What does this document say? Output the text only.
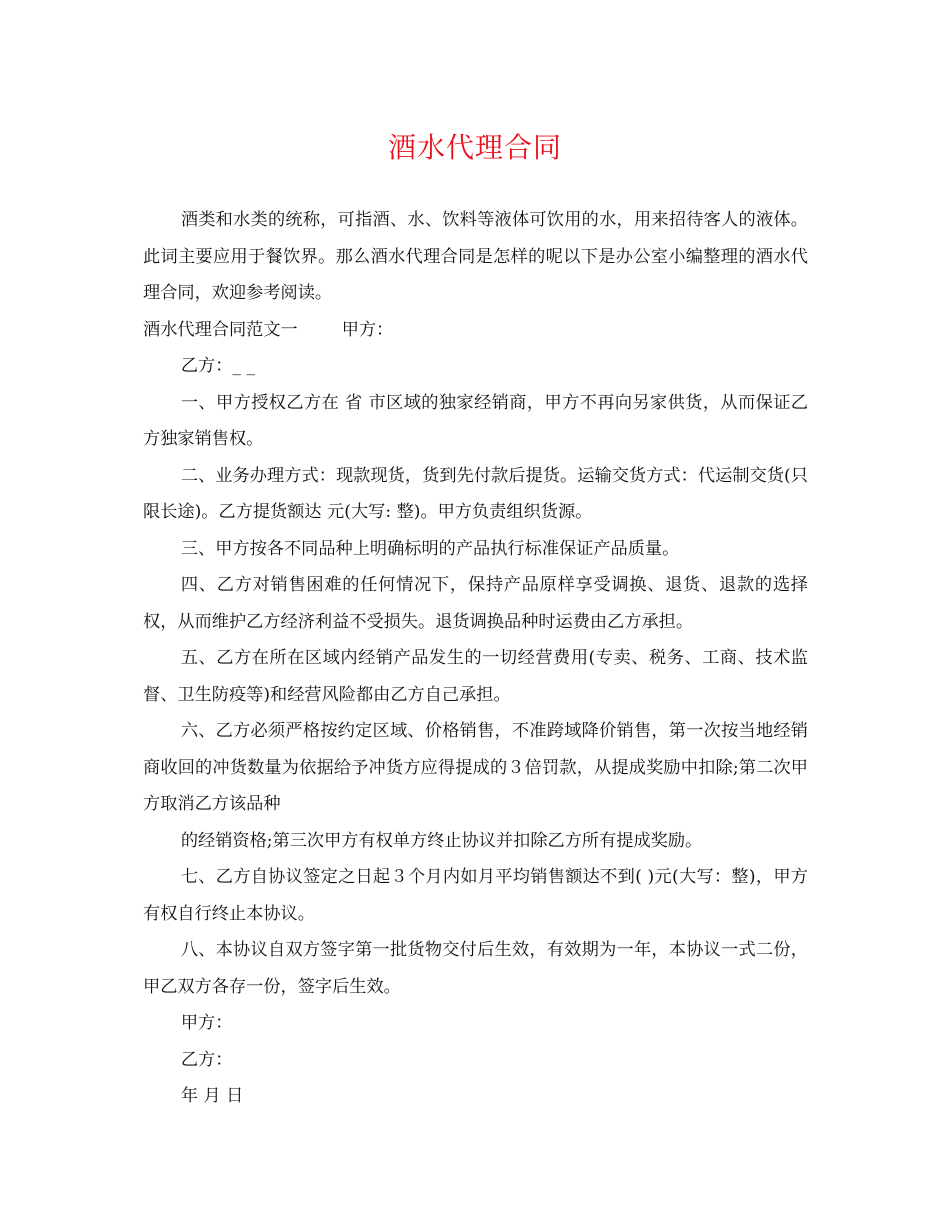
酒水代理合同

酒类和水类的统称，可指酒、水、饮料等液体可饮用的水，用来招待客人的液体。此词主要应用于餐饮界。那么酒水代理合同是怎样的呢以下是办公室小编整理的酒水代理合同，欢迎参考阅读。

酒水代理合同范文一	甲方：

乙方：_ _

一、甲方授权乙方在 省 市区域的独家经销商，甲方不再向另家供货，从而保证乙方独家销售权。

二、业务办理方式：现款现货，货到先付款后提货。运输交货方式：代运制交货(只限长途)。乙方提货额达 元(大写: 整)。甲方负责组织货源。

三、甲方按各不同品种上明确标明的产品执行标准保证产品质量。

四、乙方对销售困难的任何情况下，保持产品原样享受调换、退货、退款的选择权，从而维护乙方经济利益不受损失。退货调换品种时运费由乙方承担。

五、乙方在所在区域内经销产品发生的一切经营费用(专卖、税务、工商、技术监督、卫生防疫等)和经营风险都由乙方自己承担。

六、乙方必须严格按约定区域、价格销售，不准跨域降价销售，第一次按当地经销商收回的冲货数量为依据给予冲货方应得提成的３倍罚款，从提成奖励中扣除;第二次甲方取消乙方该品种

的经销资格;第三次甲方有权单方终止协议并扣除乙方所有提成奖励。

七、乙方自协议签定之日起３个月内如月平均销售额达不到( )元(大写：整)，甲方有权自行终止本协议。

八、本协议自双方签字第一批货物交付后生效，有效期为一年，本协议一式二份，甲乙双方各存一份，签字后生效。

甲方：

乙方：

年 月 日
